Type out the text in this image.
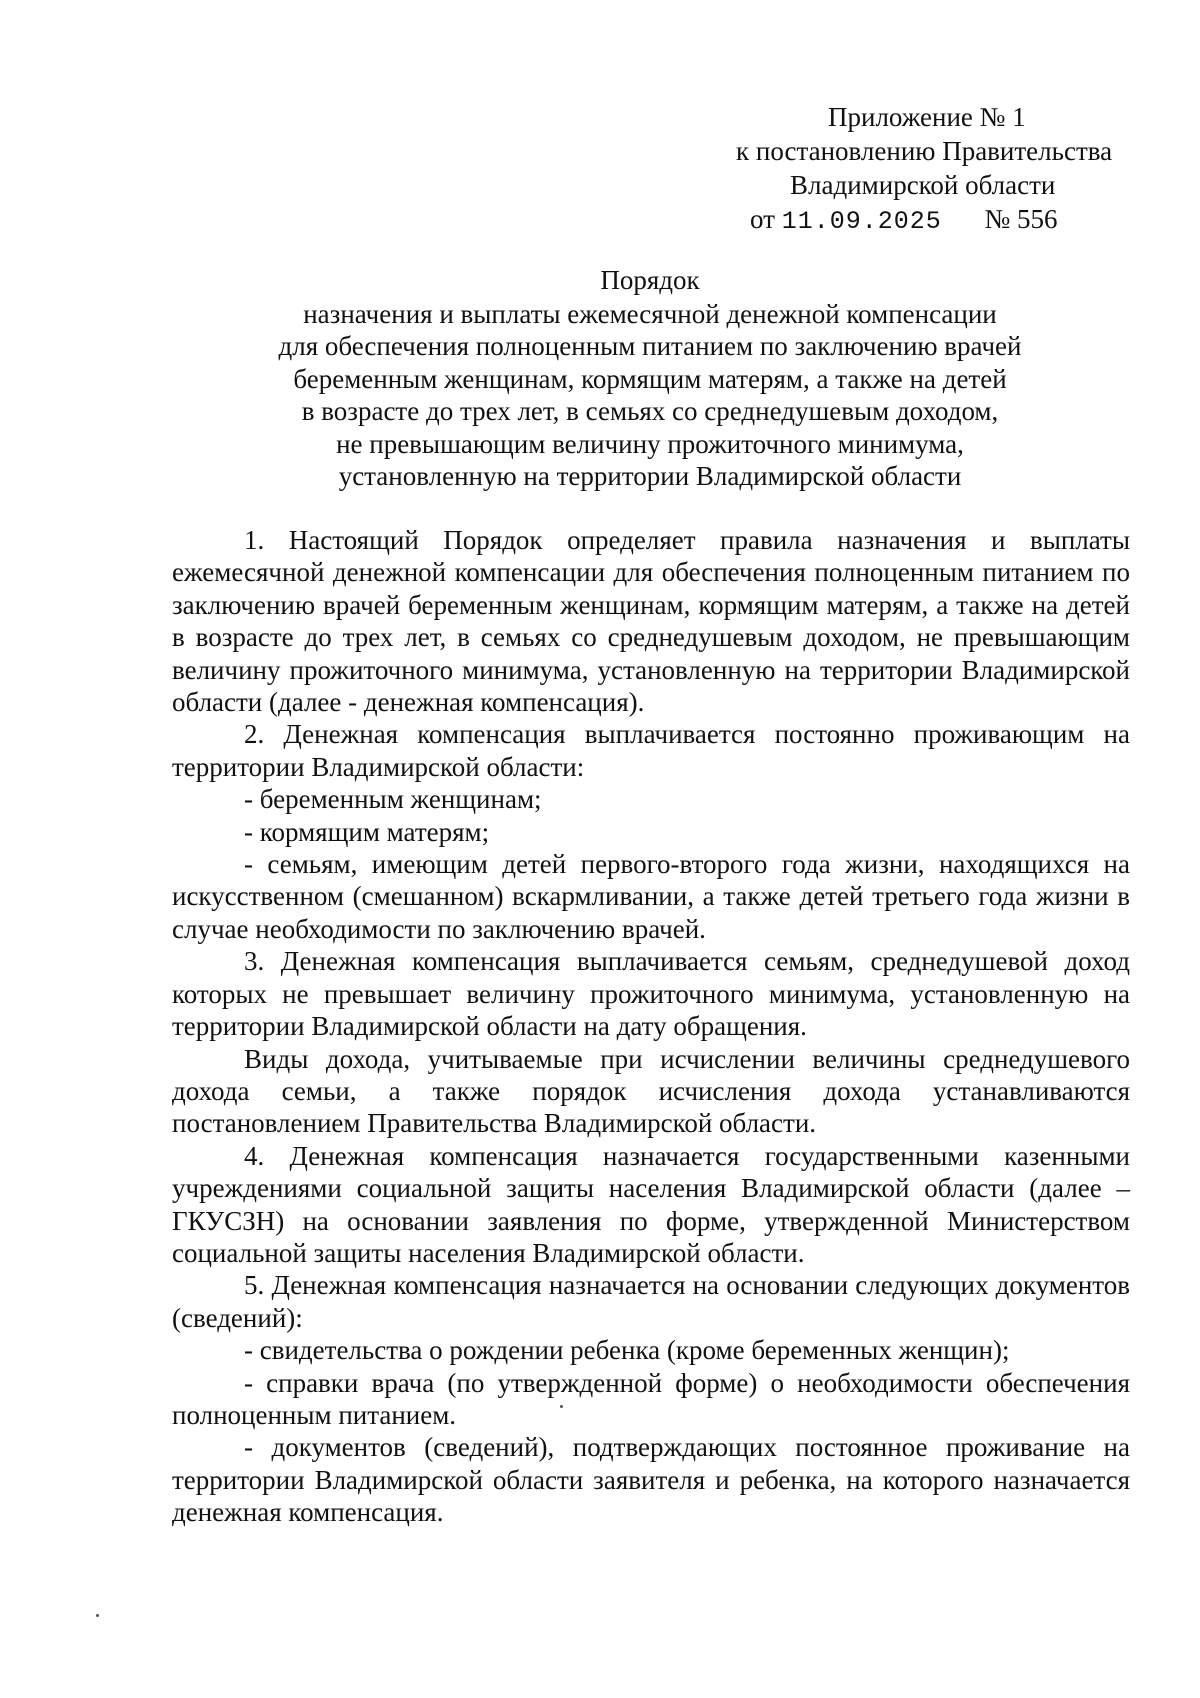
Приложение № 1
к постановлению Правительства
Владимирской области
от 11.09.2025 № 556
Порядок
назначения и выплаты ежемесячной денежной компенсации
для обеспечения полноценным питанием по заключению врачей
беременным женщинам, кормящим матерям, а также на детей
в возрасте до трех лет, в семьях со среднедушевым доходом,
не превышающим величину прожиточного минимума,
установленную на территории Владимирской области

1. Настоящий Порядок определяет правила назначения и выплаты ежемесячной денежной компенсации для обеспечения полноценным питанием по заключению врачей беременным женщинам, кормящим матерям, а также на детей в возрасте до трех лет, в семьях со среднедушевым доходом, не превышающим величину прожиточного минимума, установленную на территории Владимирской области (далее - денежная компенсация).

2. Денежная компенсация выплачивается постоянно проживающим на территории Владимирской области:

- беременным женщинам;

- кормящим матерям;

- семьям, имеющим детей первого-второго года жизни, находящихся на искусственном (смешанном) вскармливании, а также детей третьего года жизни в случае необходимости по заключению врачей.

3. Денежная компенсация выплачивается семьям, среднедушевой доход которых не превышает величину прожиточного минимума, установленную на территории Владимирской области на дату обращения.

Виды дохода, учитываемые при исчислении величины среднедушевого дохода семьи, а также порядок исчисления дохода устанавливаются постановлением Правительства Владимирской области.

4. Денежная компенсация назначается государственными казенными учреждениями социальной защиты населения Владимирской области (далее – ГКУСЗН) на основании заявления по форме, утвержденной Министерством социальной защиты населения Владимирской области.

5. Денежная компенсация назначается на основании следующих документов (сведений):

- свидетельства о рождении ребенка (кроме беременных женщин);

- справки врача (по утвержденной форме) о необходимости обеспечения полноценным питанием.

- документов (сведений), подтверждающих постоянное проживание на территории Владимирской области заявителя и ребенка, на которого назначается денежная компенсация.
